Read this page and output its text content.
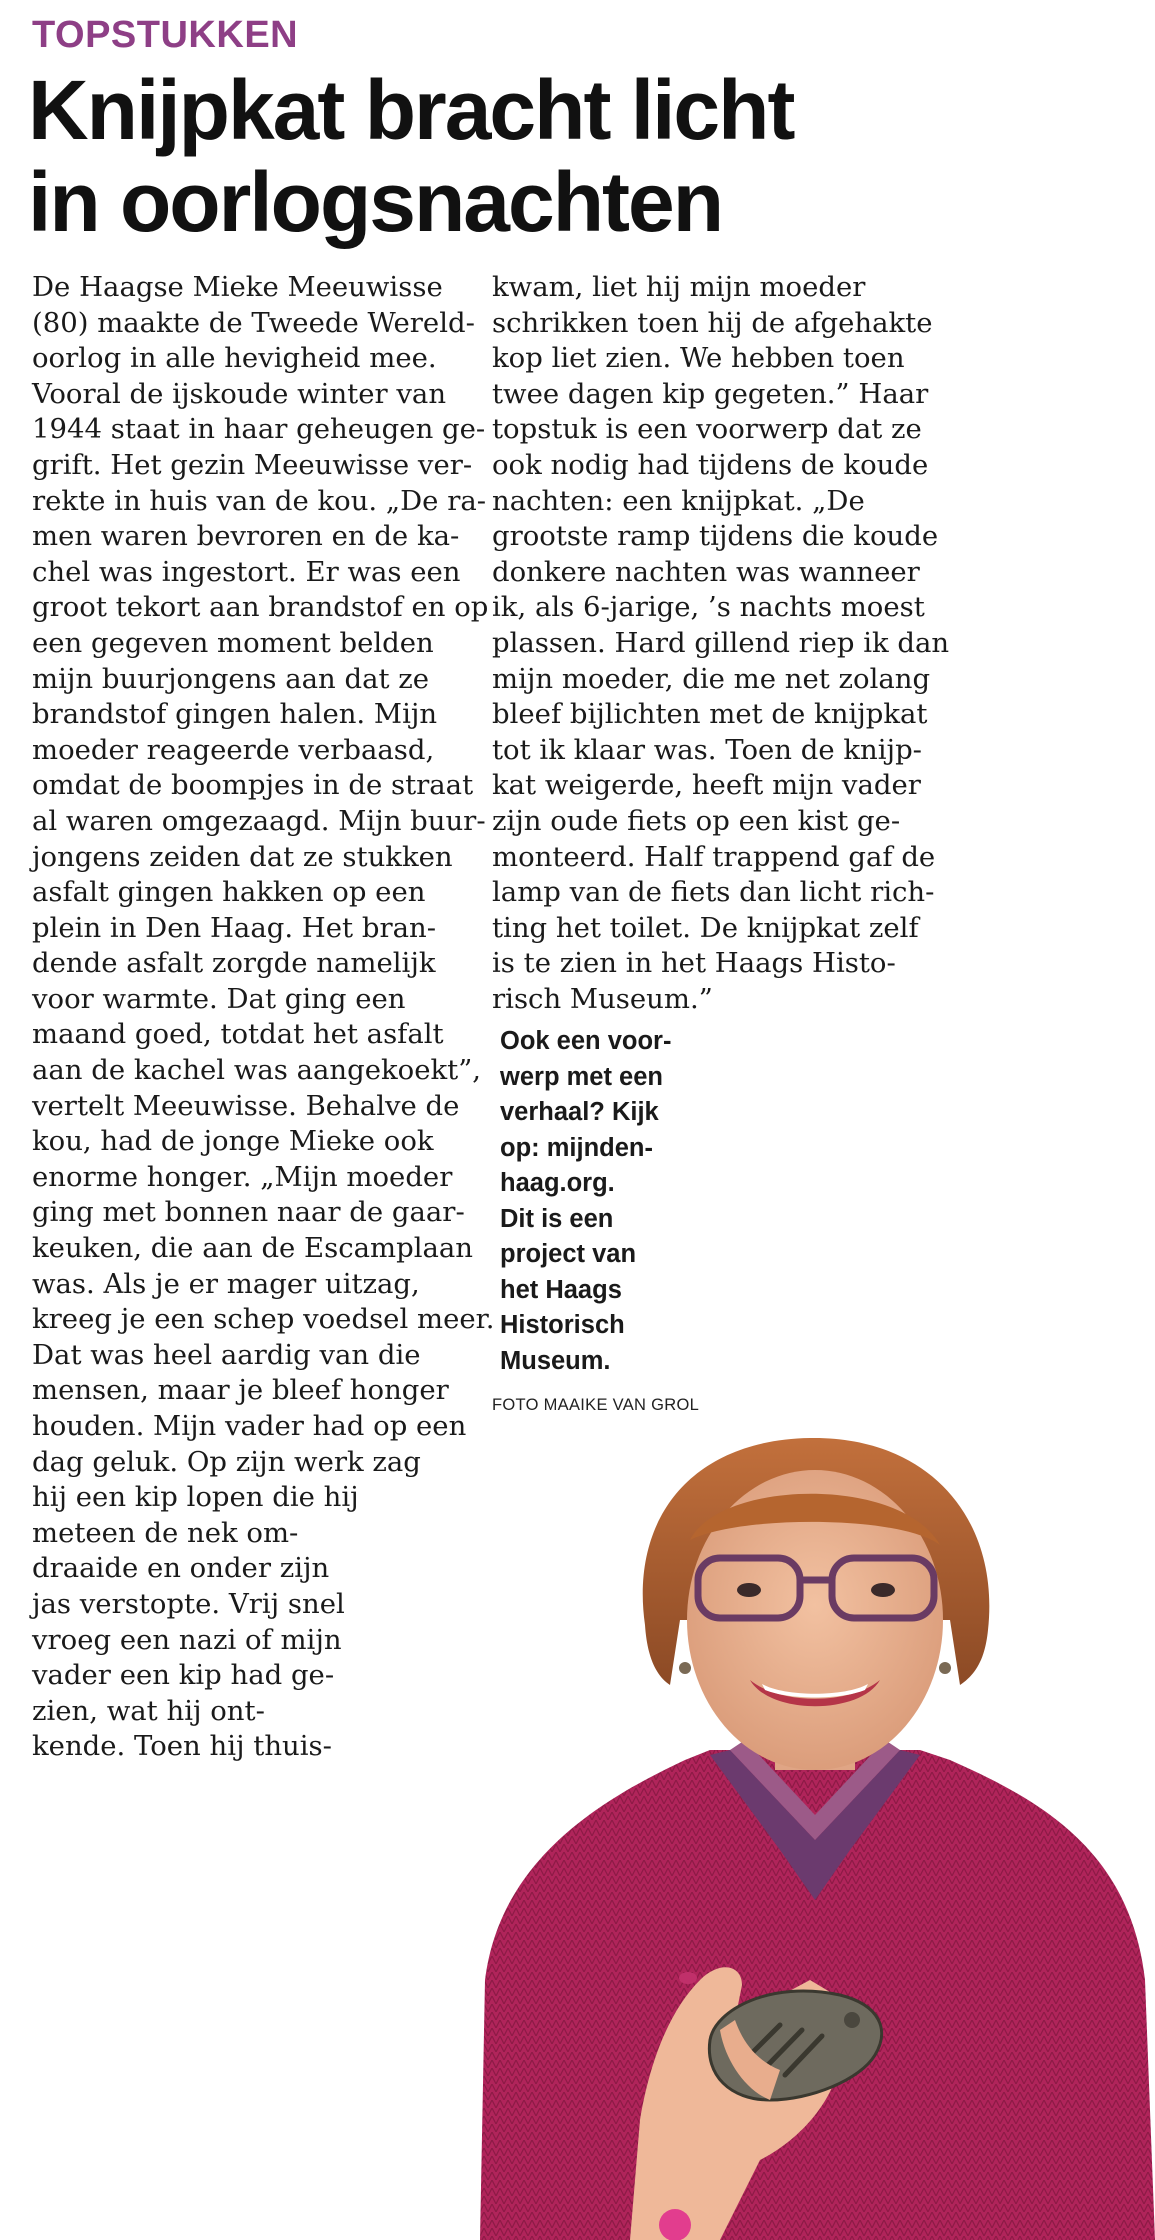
TOPSTUKKEN
Knijpkat bracht licht
in oorlogsnachten
De Haagse Mieke Meeuwisse
(80) maakte de Tweede Wereld-
oorlog in alle hevigheid mee.
Vooral de ijskoude winter van
1944 staat in haar geheugen ge-
grift. Het gezin Meeuwisse ver-
rekte in huis van de kou. „De ra-
men waren bevroren en de ka-
chel was ingestort. Er was een
groot tekort aan brandstof en op
een gegeven moment belden
mijn buurjongens aan dat ze
brandstof gingen halen. Mijn
moeder reageerde verbaasd,
omdat de boompjes in de straat
al waren omgezaagd. Mijn buur-
jongens zeiden dat ze stukken
asfalt gingen hakken op een
plein in Den Haag. Het bran-
dende asfalt zorgde namelijk
voor warmte. Dat ging een
maand goed, totdat het asfalt
aan de kachel was aangekoekt”,
vertelt Meeuwisse. Behalve de
kou, had de jonge Mieke ook
enorme honger. „Mijn moeder
ging met bonnen naar de gaar-
keuken, die aan de Escamplaan
was. Als je er mager uitzag,
kreeg je een schep voedsel meer.
Dat was heel aardig van die
mensen, maar je bleef honger
houden. Mijn vader had op een
dag geluk. Op zijn werk zag
hij een kip lopen die hij
meteen de nek om-
draaide en onder zijn
jas verstopte. Vrij snel
vroeg een nazi of mijn
vader een kip had ge-
zien, wat hij ont-
kende. Toen hij thuis-
kwam, liet hij mijn moeder
schrikken toen hij de afgehakte
kop liet zien. We hebben toen
twee dagen kip gegeten.” Haar
topstuk is een voorwerp dat ze
ook nodig had tijdens de koude
nachten: een knijpkat. „De
grootste ramp tijdens die koude
donkere nachten was wanneer
ik, als 6-jarige, ’s nachts moest
plassen. Hard gillend riep ik dan
mijn moeder, die me net zolang
bleef bijlichten met de knijpkat
tot ik klaar was. Toen de knijp-
kat weigerde, heeft mijn vader
zijn oude fiets op een kist ge-
monteerd. Half trappend gaf de
lamp van de fiets dan licht rich-
ting het toilet. De knijpkat zelf
is te zien in het Haags Histo-
risch Museum.”
Ook een voor-
werp met een
verhaal? Kijk
op: mijnden-
haag.org.
Dit is een
project van
het Haags
Historisch
Museum.
FOTO MAAIKE VAN GROL
